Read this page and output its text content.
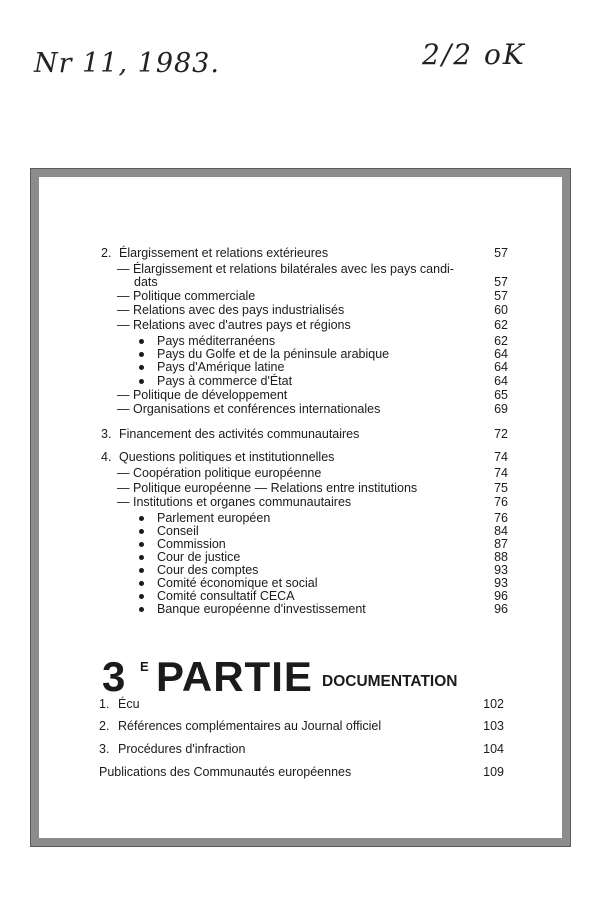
Nr 11, 1983.	2/2 oK
2. Élargissement et relations extérieures	57
— Élargissement et relations bilatérales avec les pays candi-
dats	57
— Politique commerciale	57
— Relations avec des pays industrialisés	60
— Relations avec d'autres pays et régions	62
Pays méditerranéens	62
Pays du Golfe et de la péninsule arabique	64
Pays d'Amérique latine	64
Pays à commerce d'État	64
— Politique de développement	65
— Organisations et conférences internationales	69
3. Financement des activités communautaires	72
4. Questions politiques et institutionnelles	74
— Coopération politique européenne	74
— Politique européenne — Relations entre institutions	75
— Institutions et organes communautaires	76
Parlement européen	76
Conseil	84
Commission	87
Cour de justice	88
Cour des comptes	93
Comité économique et social	93
Comité consultatif CECA	96
Banque européenne d'investissement	96
3 E PARTIE DOCUMENTATION
1. Écu	102
2. Références complémentaires au Journal officiel	103
3. Procédures d'infraction	104
Publications des Communautés européennes	109
